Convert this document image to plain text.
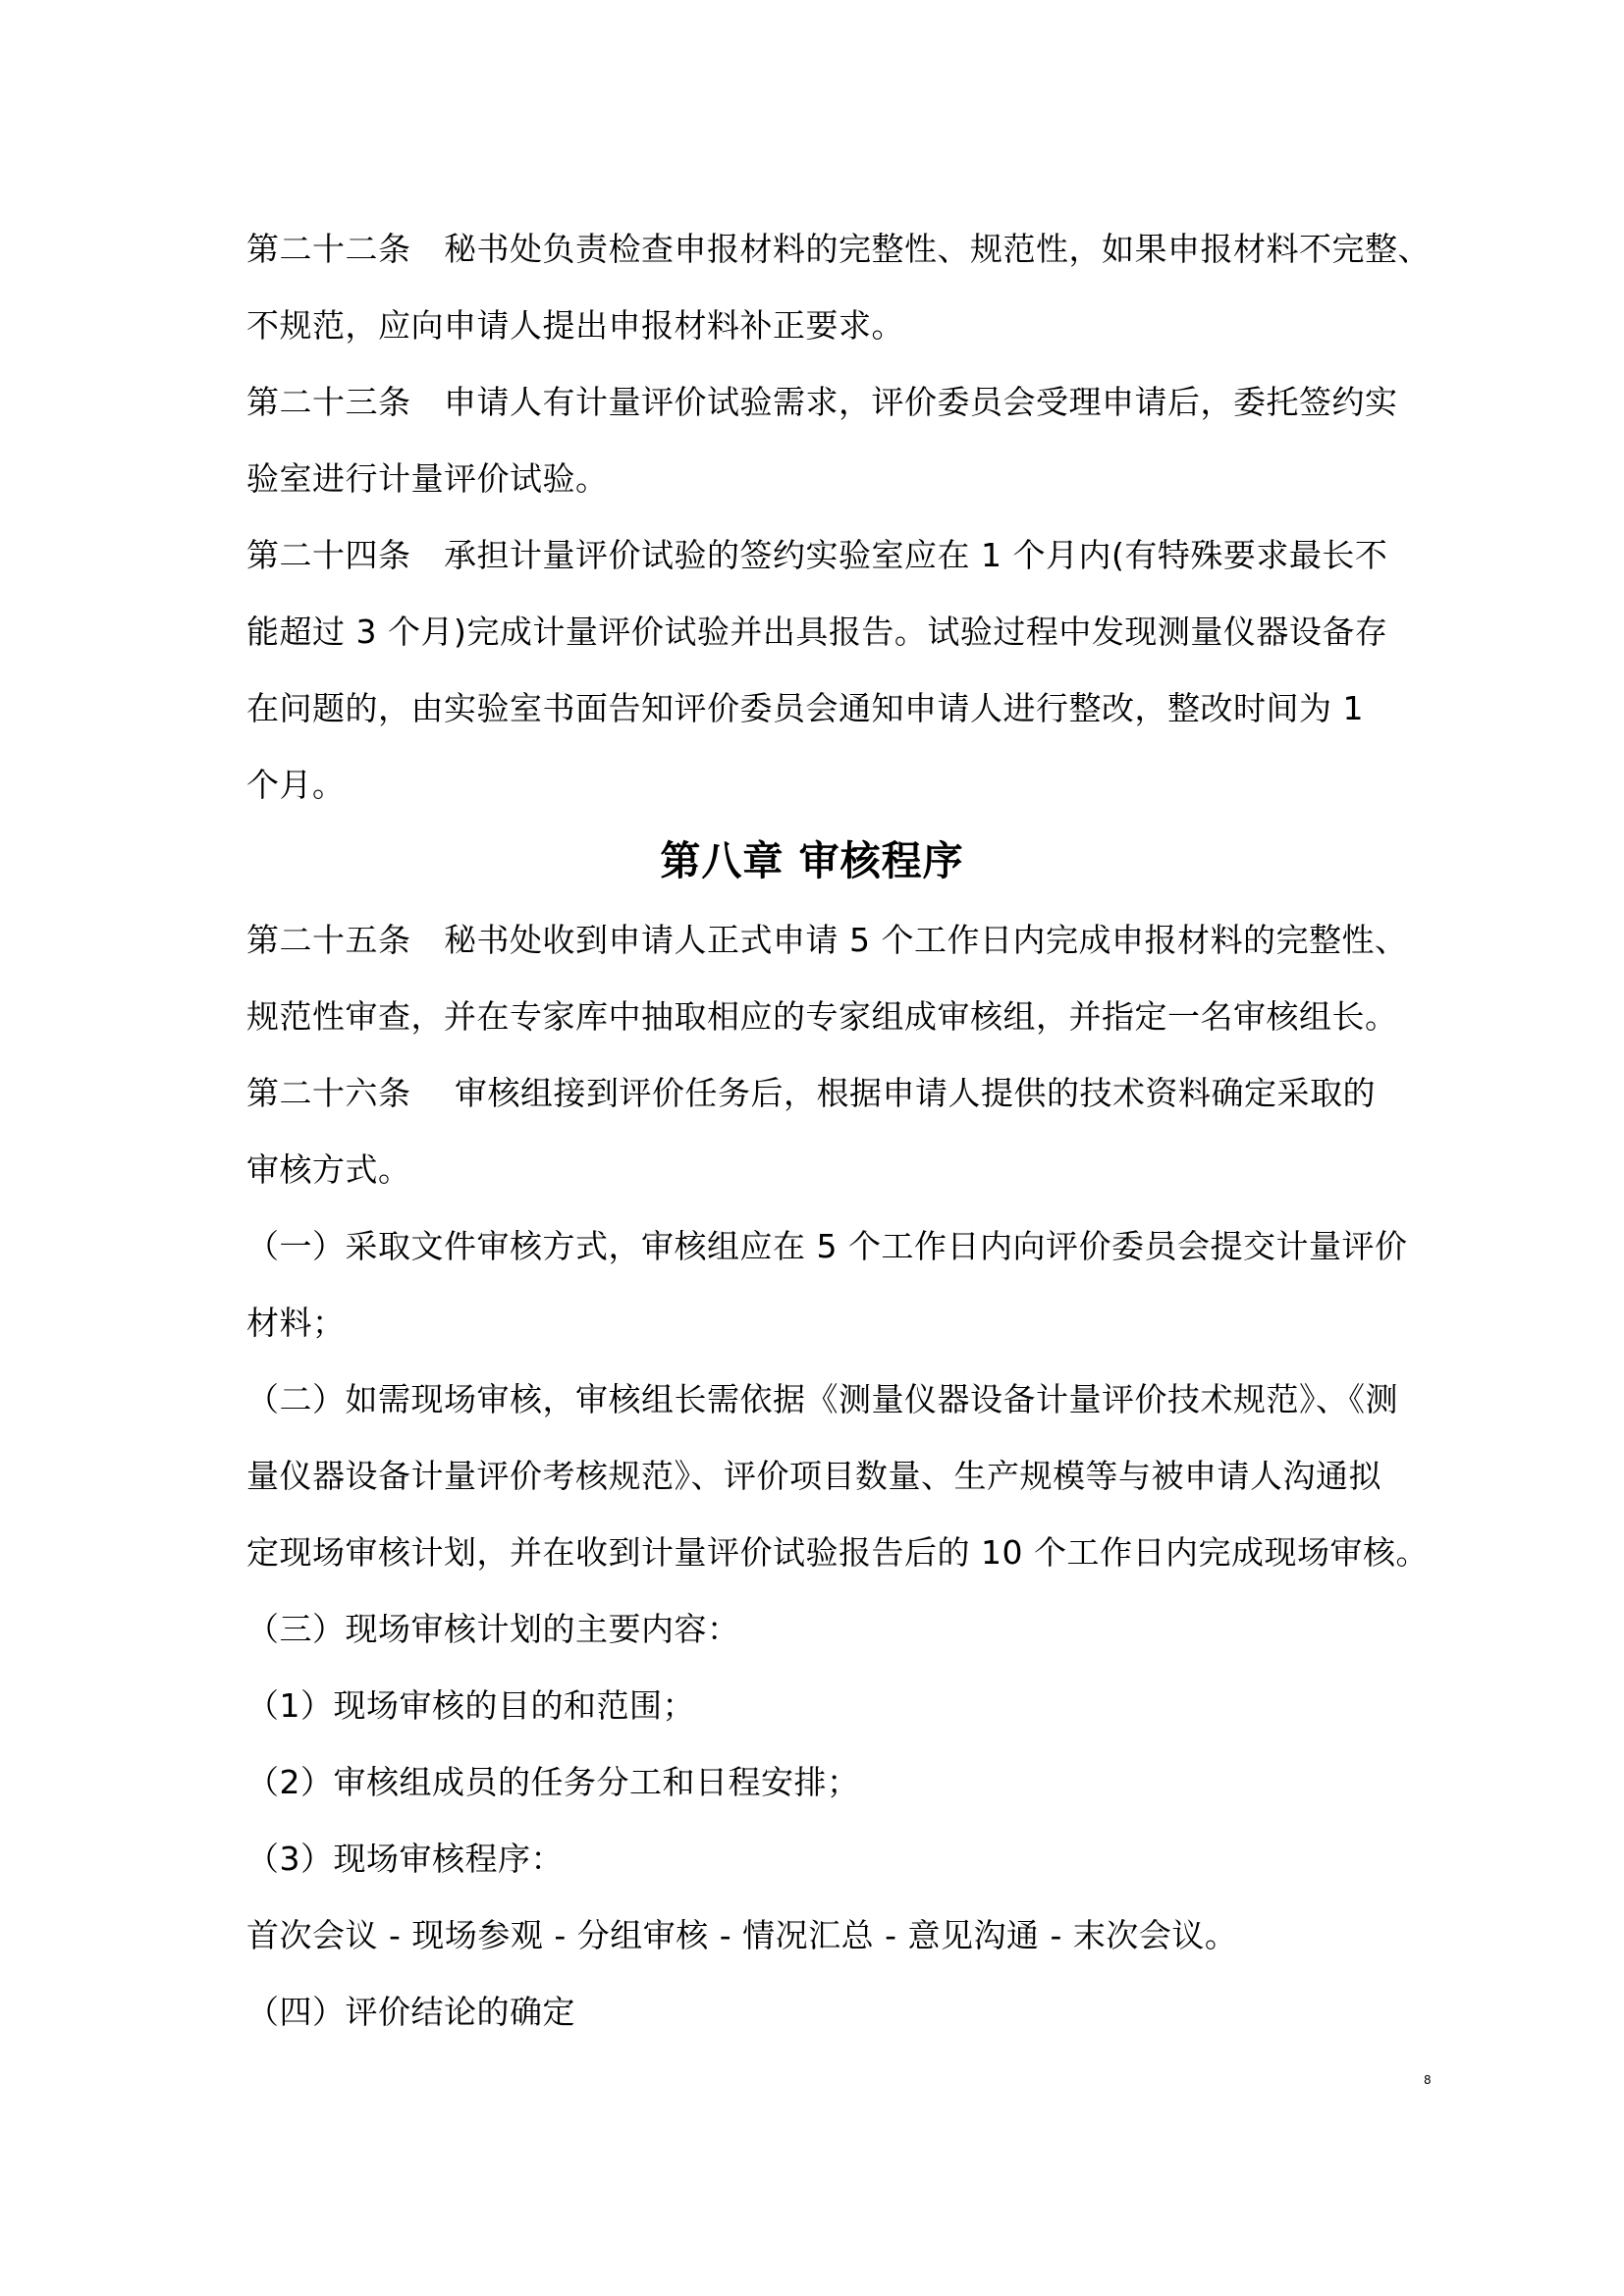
第二十二条　秘书处负责检查申报材料的完整性、规范性，如果申报材料不完整、
不规范，应向申请人提出申报材料补正要求。
第二十三条　申请人有计量评价试验需求，评价委员会受理申请后，委托签约实
验室进行计量评价试验。
第二十四条　承担计量评价试验的签约实验室应在 1 个月内(有特殊要求最长不
能超过 3 个月)完成计量评价试验并出具报告。试验过程中发现测量仪器设备存
在问题的，由实验室书面告知评价委员会通知申请人进行整改，整改时间为 1
个月。
第八章 审核程序
第二十五条　秘书处收到申请人正式申请 5 个工作日内完成申报材料的完整性、
规范性审查，并在专家库中抽取相应的专家组成审核组，并指定一名审核组长。
第二十六条　 审核组接到评价任务后，根据申请人提供的技术资料确定采取的
审核方式。
（一）采取文件审核方式，审核组应在 5 个工作日内向评价委员会提交计量评价
材料；
（二）如需现场审核，审核组长需依据《测量仪器设备计量评价技术规范》、《测
量仪器设备计量评价考核规范》、评价项目数量、生产规模等与被申请人沟通拟
定现场审核计划，并在收到计量评价试验报告后的 10 个工作日内完成现场审核。
（三）现场审核计划的主要内容：
（1）现场审核的目的和范围；
（2）审核组成员的任务分工和日程安排；
（3）现场审核程序：
首次会议 - 现场参观 - 分组审核 - 情况汇总 - 意见沟通 - 末次会议。
（四）评价结论的确定
8
